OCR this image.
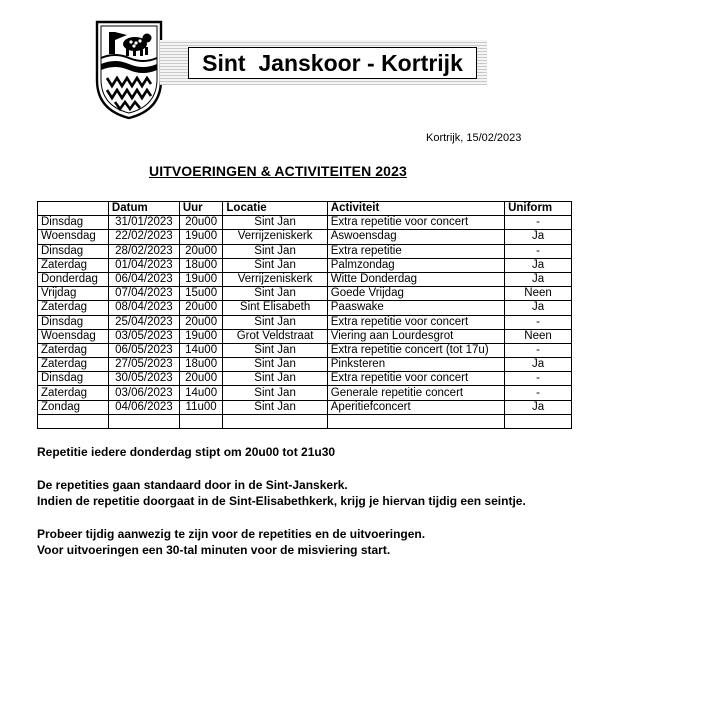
Sint  Janskoor - Kortrijk
Kortrijk, 15/02/2023
UITVOERINGEN & ACTIVITEITEN 2023
	Datum	Uur	Locatie	Activiteit	Uniform
Dinsdag	31/01/2023	20u00	Sint Jan	Extra repetitie voor concert	-
Woensdag	22/02/2023	19u00	Verrijzeniskerk	Aswoensdag	Ja
Dinsdag	28/02/2023	20u00	Sint Jan	Extra repetitie	-
Zaterdag	01/04/2023	18u00	Sint Jan	Palmzondag	Ja
Donderdag	06/04/2023	19u00	Verrijzeniskerk	Witte Donderdag	Ja
Vrijdag	07/04/2023	15u00	Sint Jan	Goede Vrijdag	Neen
Zaterdag	08/04/2023	20u00	Sint Elisabeth	Paaswake	Ja
Dinsdag	25/04/2023	20u00	Sint Jan	Extra repetitie voor concert	-
Woensdag	03/05/2023	19u00	Grot Veldstraat	Viering aan Lourdesgrot	Neen
Zaterdag	06/05/2023	14u00	Sint Jan	Extra repetitie concert (tot 17u)	-
Zaterdag	27/05/2023	18u00	Sint Jan	Pinksteren	Ja
Dinsdag	30/05/2023	20u00	Sint Jan	Extra repetitie voor concert	-
Zaterdag	03/06/2023	14u00	Sint Jan	Generale repetitie concert	-
Zondag	04/06/2023	11u00	Sint Jan	Aperitiefconcert	Ja

Repetitie iedere donderdag stipt om 20u00 tot 21u30
De repetities gaan standaard door in de Sint-Janskerk.
Indien de repetitie doorgaat in de Sint-Elisabethkerk, krijg je hiervan tijdig een seintje.
Probeer tijdig aanwezig te zijn voor de repetities en de uitvoeringen.
Voor uitvoeringen een 30-tal minuten voor de misviering start.
